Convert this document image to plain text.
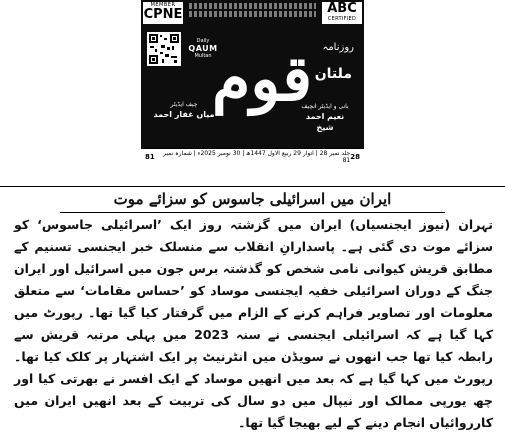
MEMBER
CPNE	ABC
CERTIFIED
Daily
QAUM
Multan قوم روزنامہ
ملتان
چیف ایڈیٹر
میاں غفار احمد
بانی و ایڈیٹر انچیف
نعیم احمد شیخ
81	جلد نمبر 28 | اتوار 29 ربیع الاول 1447ھ | 30 نومبر 2025ء | شمارہ نمبر 81 28
ایران میں اسرائیلی جاسوس کو سزائے موت

تہران (نیوز ایجنسیاں) ایران میں گزشتہ روز ایک ’اسرائیلی جاسوس‘ کو سزائے موت دی گئی ہے۔ پاسدارانِ انقلاب سے منسلک خبر ایجنسی تسنیم کے مطابق قریش کیوانی نامی شخص کو گذشتہ برس جون میں اسرائیل اور ایران جنگ کے دوران اسرائیلی خفیہ ایجنسی موساد کو ’حساس مقامات‘ سے متعلق معلومات اور تصاویر فراہم کرنے کے الزام میں گرفتار کیا گیا تھا۔ رپورٹ میں کہا گیا ہے کہ اسرائیلی ایجنسی نے سنہ 2023 میں پہلی مرتبہ قریش سے رابطہ کیا تھا جب انھوں نے سویڈن میں انٹرنیٹ پر ایک اشتہار پر کلک کیا تھا۔ رپورٹ میں کہا گیا ہے کہ بعد میں انھیں موساد کے ایک افسر نے بھرتی کیا اور چھ یورپی ممالک اور نیپال میں دو سال کی تربیت کے بعد انھیں ایران میں کارروائیاں انجام دینے کے لیے بھیجا گیا تھا۔
